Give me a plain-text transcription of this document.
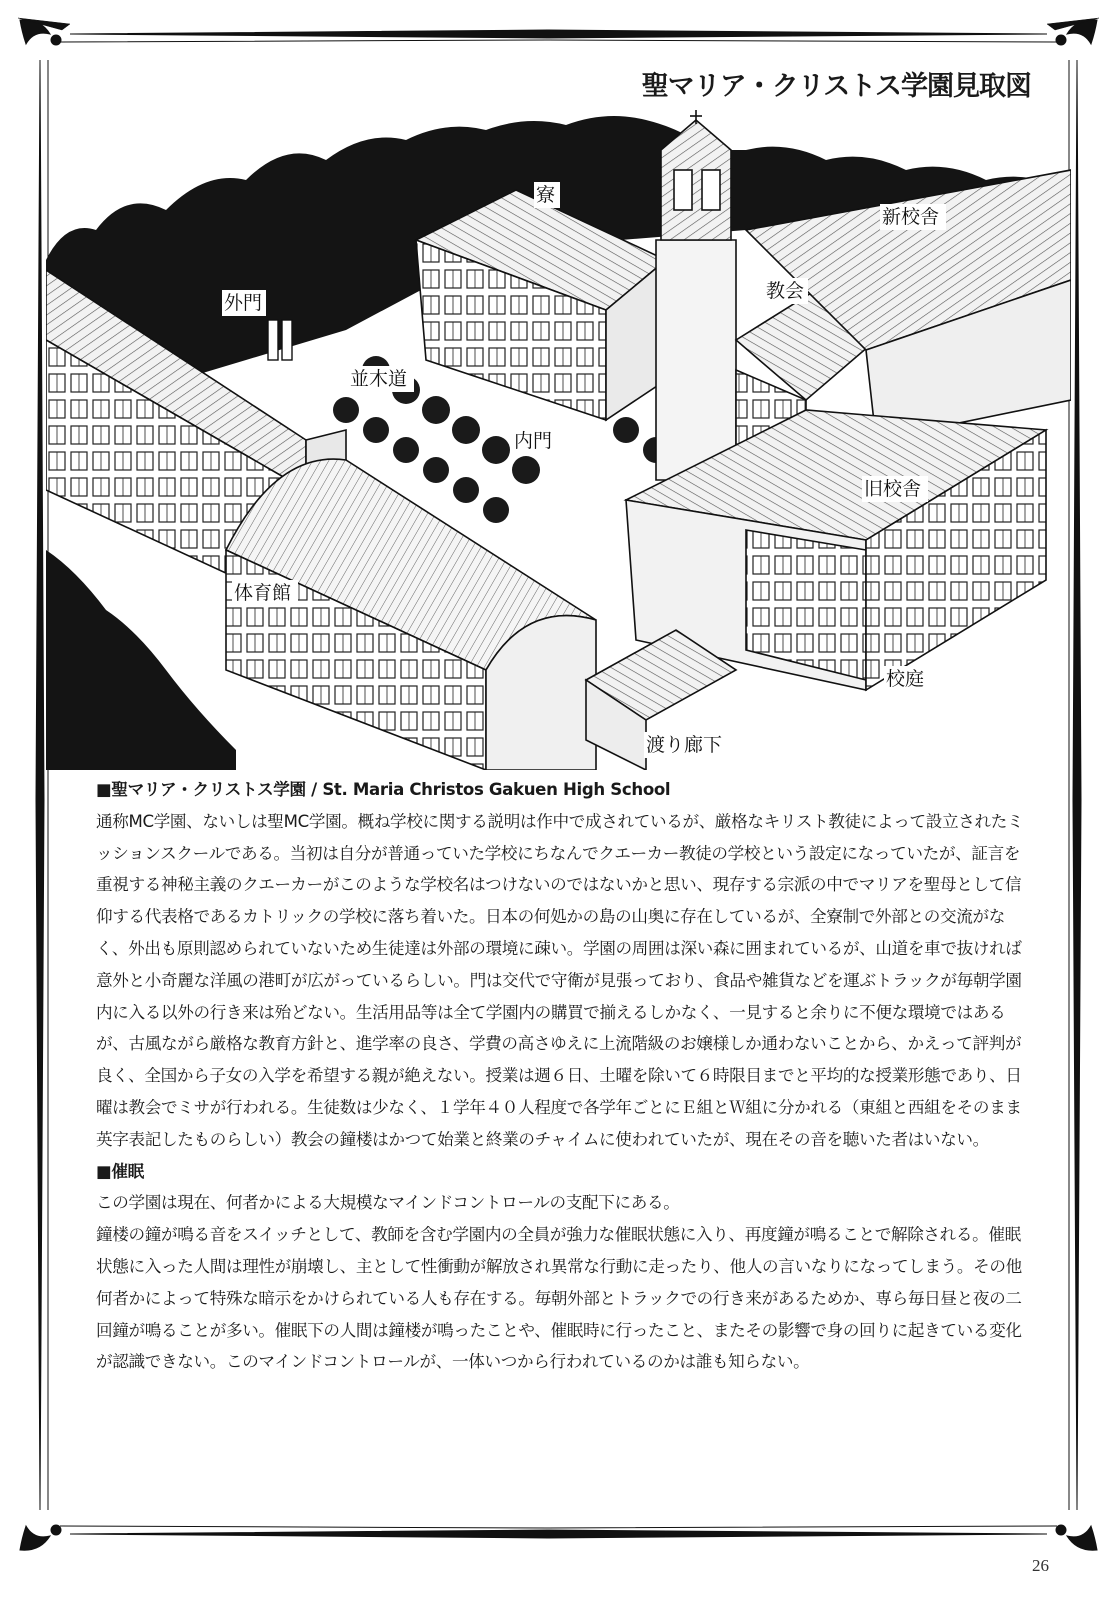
聖マリア・クリストス学園見取図
寮
新校舎
外門
教会
並木道
内門
旧校舎
体育館
校庭
渡り廊下

■聖マリア・クリストス学園 / St. Maria Christos Gakuen High School

通称MC学園、ないしは聖MC学園。概ね学校に関する説明は作中で成されているが、厳格なキリスト教徒によって設立されたミッションスクールである。当初は自分が普通っていた学校にちなんでクエーカー教徒の学校という設定になっていたが、証言を重視する神秘主義のクエーカーがこのような学校名はつけないのではないかと思い、現存する宗派の中でマリアを聖母として信仰する代表格であるカトリックの学校に落ち着いた。日本の何処かの島の山奥に存在しているが、全寮制で外部との交流がなく、外出も原則認められていないため生徒達は外部の環境に疎い。学園の周囲は深い森に囲まれているが、山道を車で抜ければ意外と小奇麗な洋風の港町が広がっているらしい。門は交代で守衛が見張っており、食品や雑貨などを運ぶトラックが毎朝学園内に入る以外の行き来は殆どない。生活用品等は全て学園内の購買で揃えるしかなく、一見すると余りに不便な環境ではあるが、古風ながら厳格な教育方針と、進学率の良さ、学費の高さゆえに上流階級のお嬢様しか通わないことから、かえって評判が良く、全国から子女の入学を希望する親が絶えない。授業は週６日、土曜を除いて６時限目までと平均的な授業形態であり、日曜は教会でミサが行われる。生徒数は少なく、１学年４０人程度で各学年ごとにＥ組とＷ組に分かれる（東組と西組をそのまま英字表記したものらしい）教会の鐘楼はかつて始業と終業のチャイムに使われていたが、現在その音を聴いた者はいない。

■催眠

この学園は現在、何者かによる大規模なマインドコントロールの支配下にある。

鐘楼の鐘が鳴る音をスイッチとして、教師を含む学園内の全員が強力な催眠状態に入り、再度鐘が鳴ることで解除される。催眠状態に入った人間は理性が崩壊し、主として性衝動が解放され異常な行動に走ったり、他人の言いなりになってしまう。その他何者かによって特殊な暗示をかけられている人も存在する。毎朝外部とトラックでの行き来があるためか、専ら毎日昼と夜の二回鐘が鳴ることが多い。催眠下の人間は鐘楼が鳴ったことや、催眠時に行ったこと、またその影響で身の回りに起きている変化が認識できない。このマインドコントロールが、一体いつから行われているのかは誰も知らない。

26
